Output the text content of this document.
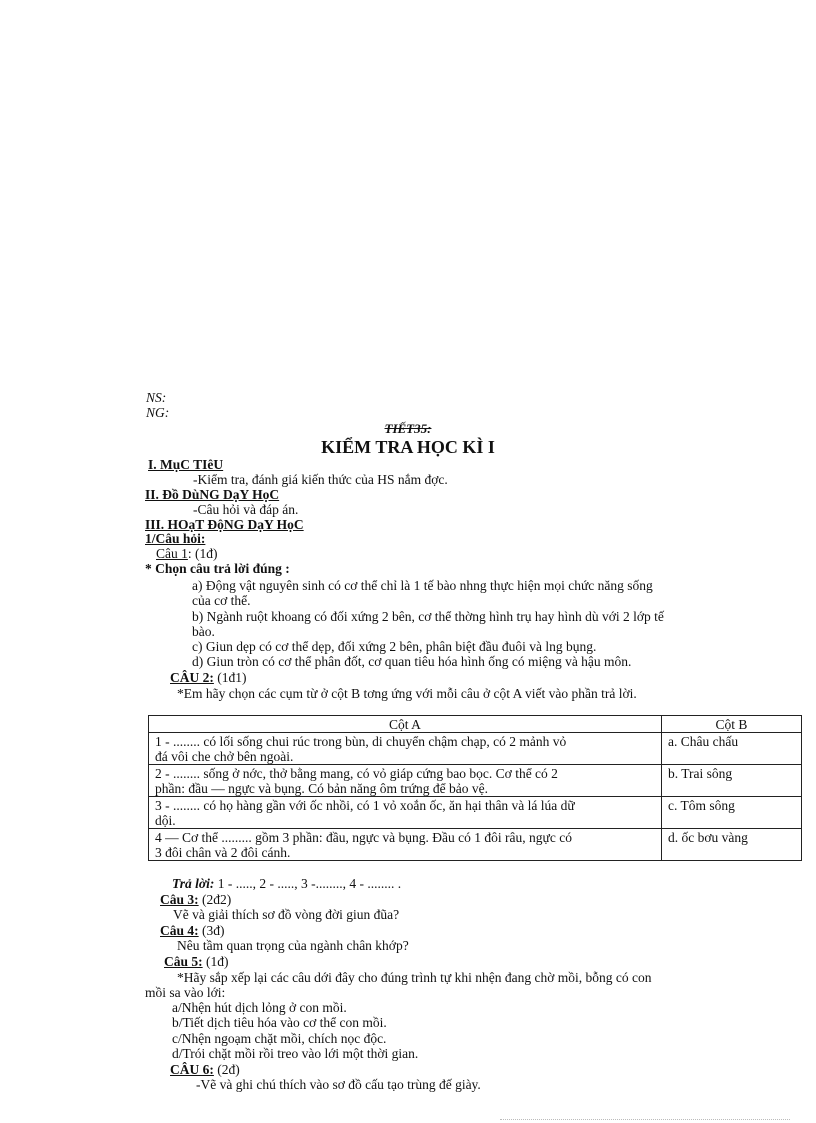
NS:
NG:
TIẾT35:
KIỂM TRA HỌC KÌ I
I. MụC TIêU
-Kiểm tra, đánh giá kiến thức của HS nắm đợc.
II. Đồ DùNG DạY HọC
-Câu hỏi và đáp án.
III. HOạT ĐộNG DạY HọC
1/Câu hỏi:
Câu 1: (1đ)
* Chọn câu trả lời đúng :
a) Động vật nguyên sinh có cơ thể chỉ là 1 tế bào nhng thực hiện mọi chức năng sống
của cơ thể.
b) Ngành ruột khoang có đối xứng 2 bên, cơ thể thờng hình trụ hay hình dù với 2 lớp tế
bào.
c) Giun dẹp có cơ thể dẹp, đối xứng 2 bên, phân biệt đầu đuôi và lng bụng.
d) Giun tròn có cơ thể phân đốt, cơ quan tiêu hóa hình ống có miệng và hậu môn.
CÂU 2: (1đ1)
*Em hãy chọn các cụm từ ở cột B tơng ứng với mỗi câu ở cột A viết vào phần trả lời.
Cột A	Cột B

1 - ........ có lối sống chui rúc trong bùn, di chuyển chậm chạp, có 2 mảnh vỏ
đá vôi che chở bên ngoài.	a. Châu chấu

2 - ........ sống ở nớc, thở bằng mang, có vỏ giáp cứng bao bọc. Cơ thể có 2
phần: đầu — ngực và bụng. Có bản năng ôm trứng để bảo vệ.	b. Trai sông

3 - ........ có họ hàng gần với ốc nhồi, có 1 vỏ xoắn ốc, ăn hại thân và lá lúa dữ
dội.	c. Tôm sông

4 — Cơ thể ......... gồm 3 phần: đầu, ngực và bụng. Đầu có 1 đôi râu, ngực có
3 đôi chân và 2 đôi cánh.	d. ốc bơu vàng
Trả lời: 1 - ....., 2 - ....., 3 -........, 4 - ........ .
Câu 3: (2đ2)
Vẽ và giải thích sơ đồ vòng đời giun đũa?
Câu 4: (3đ)
Nêu tầm quan trọng của ngành chân khớp?
Câu 5: (1đ)
*Hãy sắp xếp lại các câu dới đây cho đúng trình tự khi nhện đang chờ mồi, bỗng có con
mồi sa vào lới:
a/Nhện hút dịch lỏng ở con mồi.
b/Tiết dịch tiêu hóa vào cơ thể con mồi.
c/Nhện ngoạm chặt mồi, chích nọc độc.
d/Trói chặt mồi rồi treo vào lới một thời gian.
CÂU 6: (2đ)
-Vẽ và ghi chú thích vào sơ đồ cấu tạo trùng đế giày.
